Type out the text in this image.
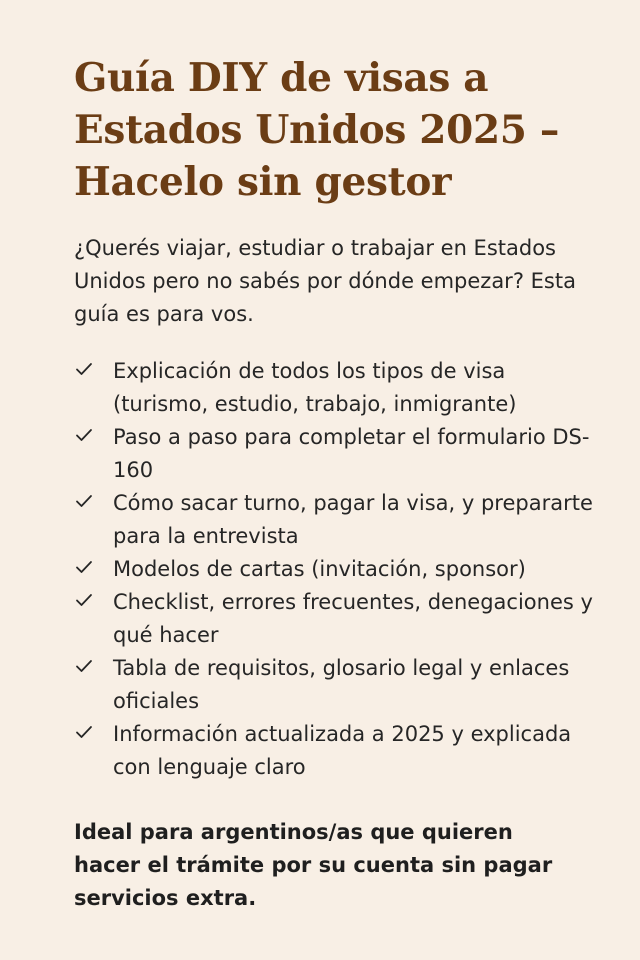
Guía DIY de visas a Estados Unidos 2025 – Hacelo sin gestor

¿Querés viajar, estudiar o trabajar en Estados Unidos pero no sabés por dónde empezar? Esta guía es para vos.

Explicación de todos los tipos de visa (turismo, estudio, trabajo, inmigrante)
Paso a paso para completar el formulario DS-160
Cómo sacar turno, pagar la visa, y prepararte para la entrevista
Modelos de cartas (invitación, sponsor)
Checklist, errores frecuentes, denegaciones y qué hacer
Tabla de requisitos, glosario legal y enlaces oficiales
Información actualizada a 2025 y explicada con lenguaje claro

Ideal para argentinos/as que quieren hacer el trámite por su cuenta sin pagar servicios extra.
